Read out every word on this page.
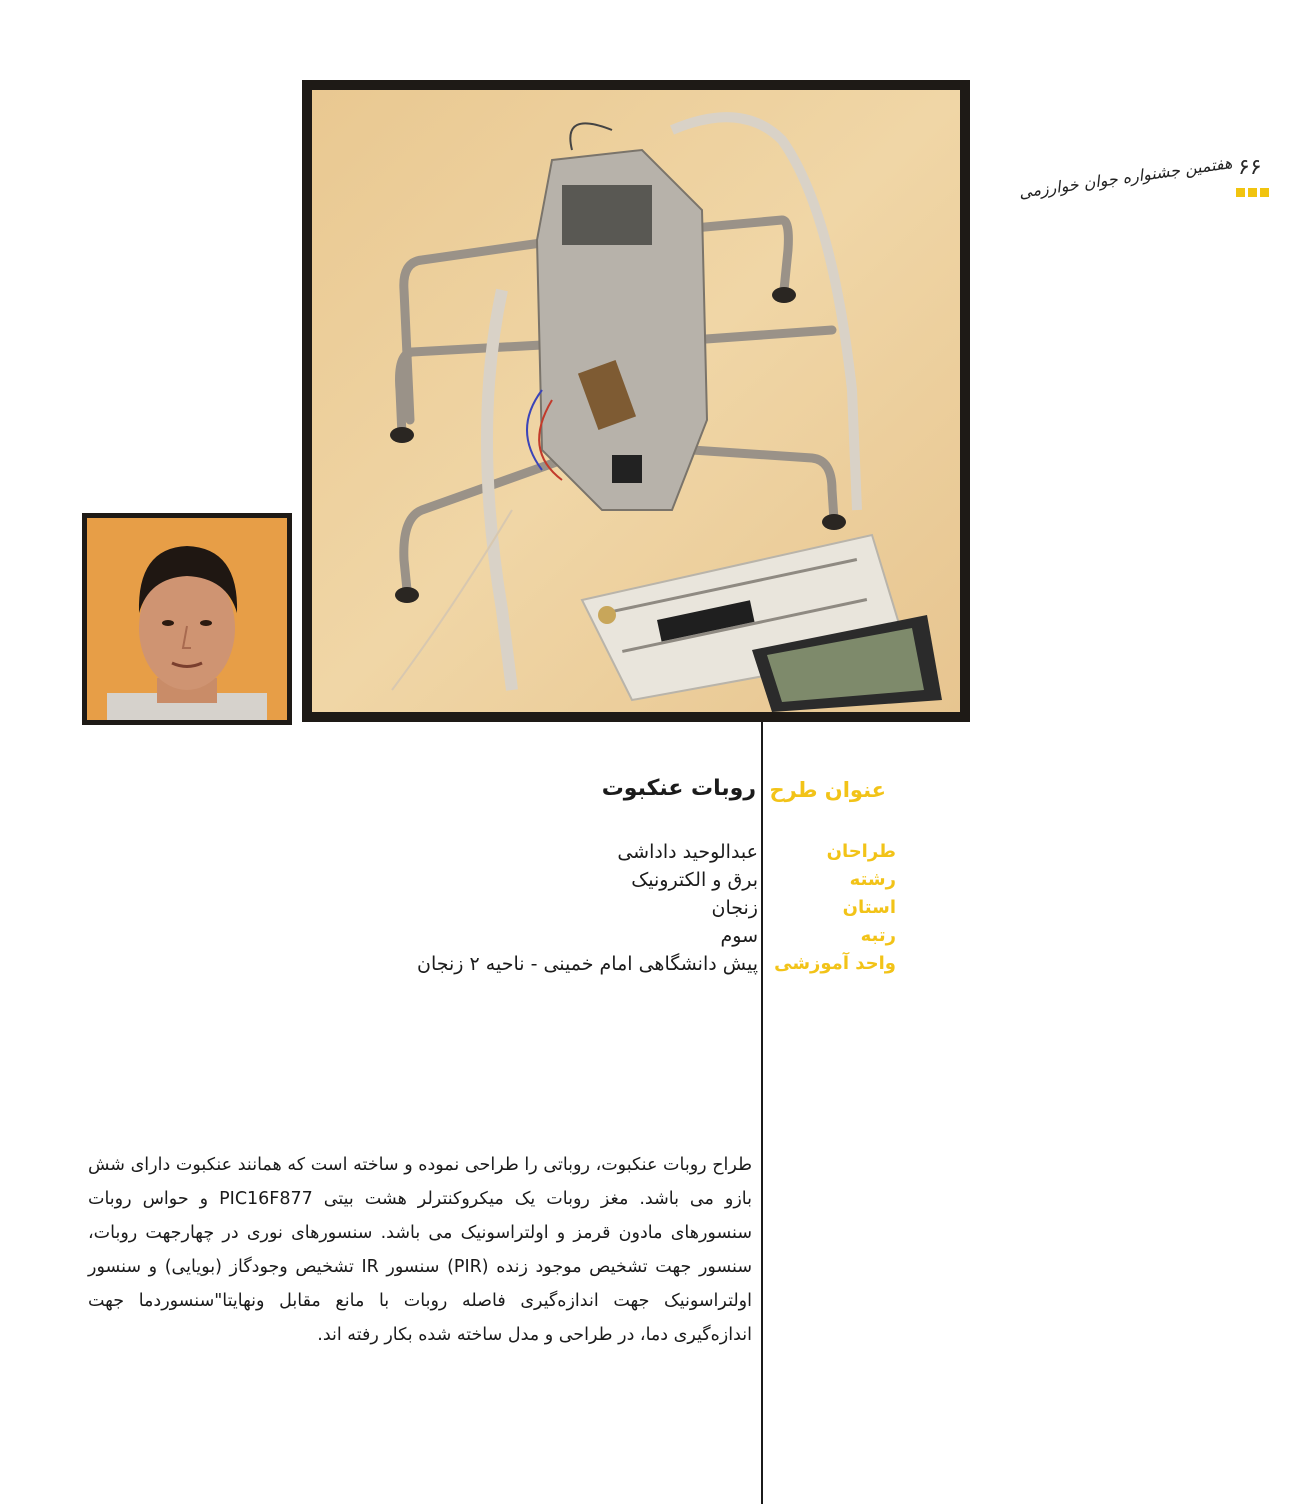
۶۶
هفتمین جشنواره جوان خوارزمی
عنوان طرح
روبات عنکبوت
طراحان
رشته
استان
رتبه
واحد آموزشی
عبدالوحید داداشی
برق و الکترونیک
زنجان
سوم
پیش دانشگاهی امام خمینی - ناحیه ۲ زنجان
طراح روبات عنکبوت، روباتی را طراحی نموده و ساخته است که همانند عنکبوت دارای شش بازو می باشد. مغز روبات یک میکروکنترلر هشت بیتی PIC16F877 و حواس روبات سنسورهای مادون قرمز و اولتراسونیک می باشد. سنسورهای نوری در چهارجهت روبات، سنسور جهت تشخیص موجود زنده (PIR) سنسور IR تشخیص وجودگاز (بویایی) و سنسور اولتراسونیک جهت اندازه‌گیری فاصله روبات با مانع مقابل ونهایتا"سنسوردما جهت اندازه‌گیری دما، در طراحی و مدل ساخته شده بکار رفته اند.
